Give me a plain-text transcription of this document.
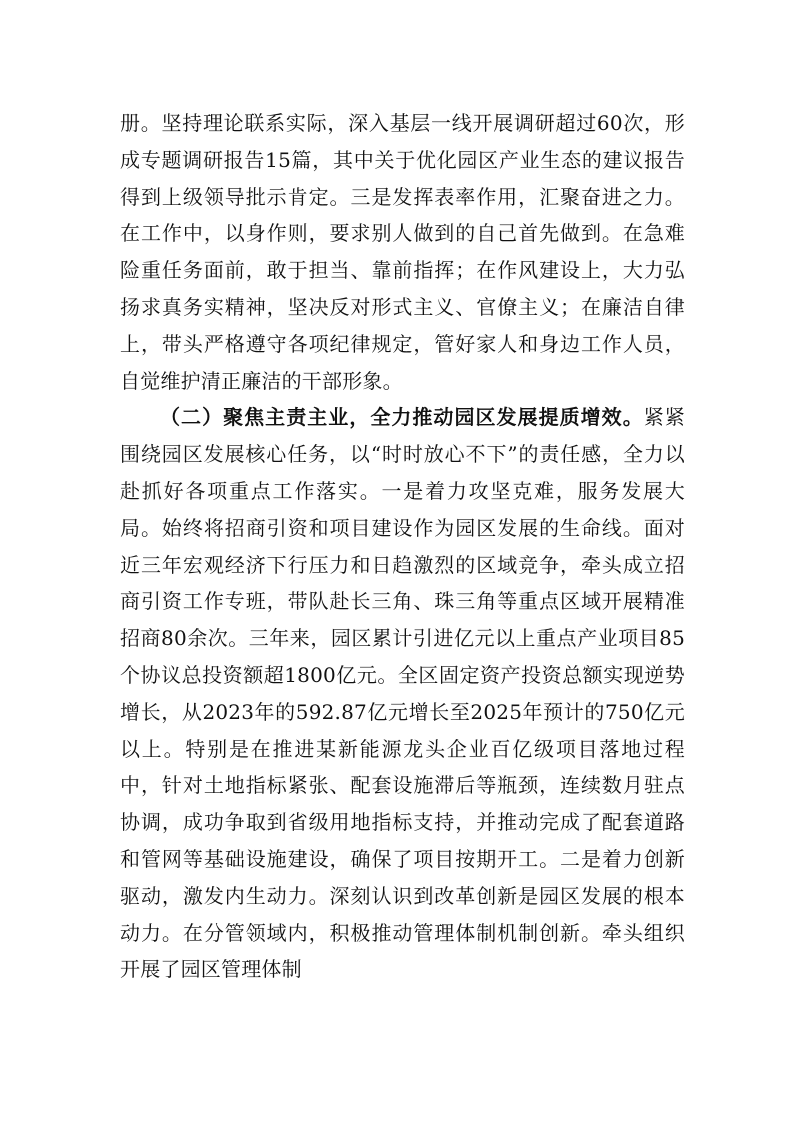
册。坚持理论联系实际，深入基层一线开展调研超过60次，形成专题调研报告15篇，其中关于优化园区产业生态的建议报告得到上级领导批示肯定。三是发挥表率作用，汇聚奋进之力。在工作中，以身作则，要求别人做到的自己首先做到。在急难险重任务面前，敢于担当、靠前指挥；在作风建设上，大力弘扬求真务实精神，坚决反对形式主义、官僚主义；在廉洁自律上，带头严格遵守各项纪律规定，管好家人和身边工作人员，自觉维护清正廉洁的干部形象。

（二）聚焦主责主业，全力推动园区发展提质增效。紧紧围绕园区发展核心任务，以“时时放心不下”的责任感，全力以赴抓好各项重点工作落实。一是着力攻坚克难，服务发展大局。始终将招商引资和项目建设作为园区发展的生命线。面对近三年宏观经济下行压力和日趋激烈的区域竞争，牵头成立招商引资工作专班，带队赴长三角、珠三角等重点区域开展精准招商80余次。三年来，园区累计引进亿元以上重点产业项目85个协议总投资额超1800亿元。全区固定资产投资总额实现逆势增长，从2023年的592.87亿元增长至2025年预计的750亿元以上。特别是在推进某新能源龙头企业百亿级项目落地过程中，针对土地指标紧张、配套设施滞后等瓶颈，连续数月驻点协调，成功争取到省级用地指标支持，并推动完成了配套道路和管网等基础设施建设，确保了项目按期开工。二是着力创新驱动，激发内生动力。深刻认识到改革创新是园区发展的根本动力。在分管领域内，积极推动管理体制机制创新。牵头组织开展了园区管理体制
